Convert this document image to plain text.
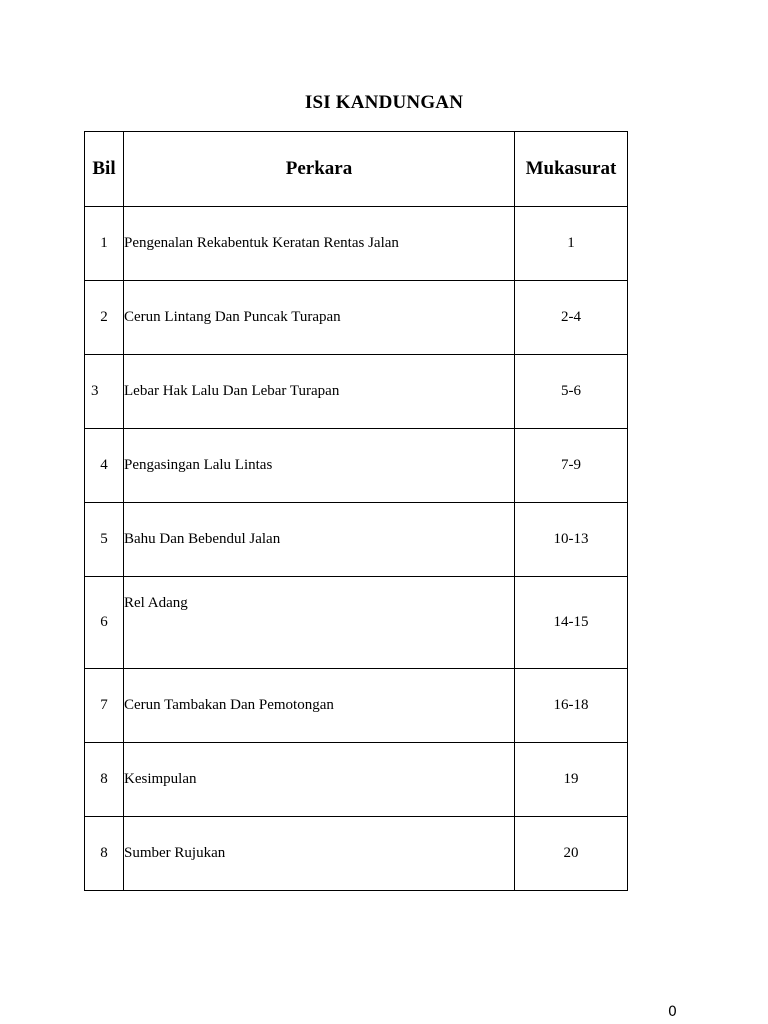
ISI KANDUNGAN
Bil	Perkara	Mukasurat
1	Pengenalan Rekabentuk Keratan Rentas Jalan	1
2	Cerun Lintang Dan Puncak Turapan	2-4
3	Lebar Hak Lalu Dan Lebar Turapan	5-6
4	Pengasingan Lalu Lintas	7-9
5	Bahu Dan Bebendul Jalan	10-13
6	Rel Adang	14-15
7	Cerun Tambakan Dan Pemotongan	16-18
8	Kesimpulan	19
8	Sumber Rujukan	20
0
